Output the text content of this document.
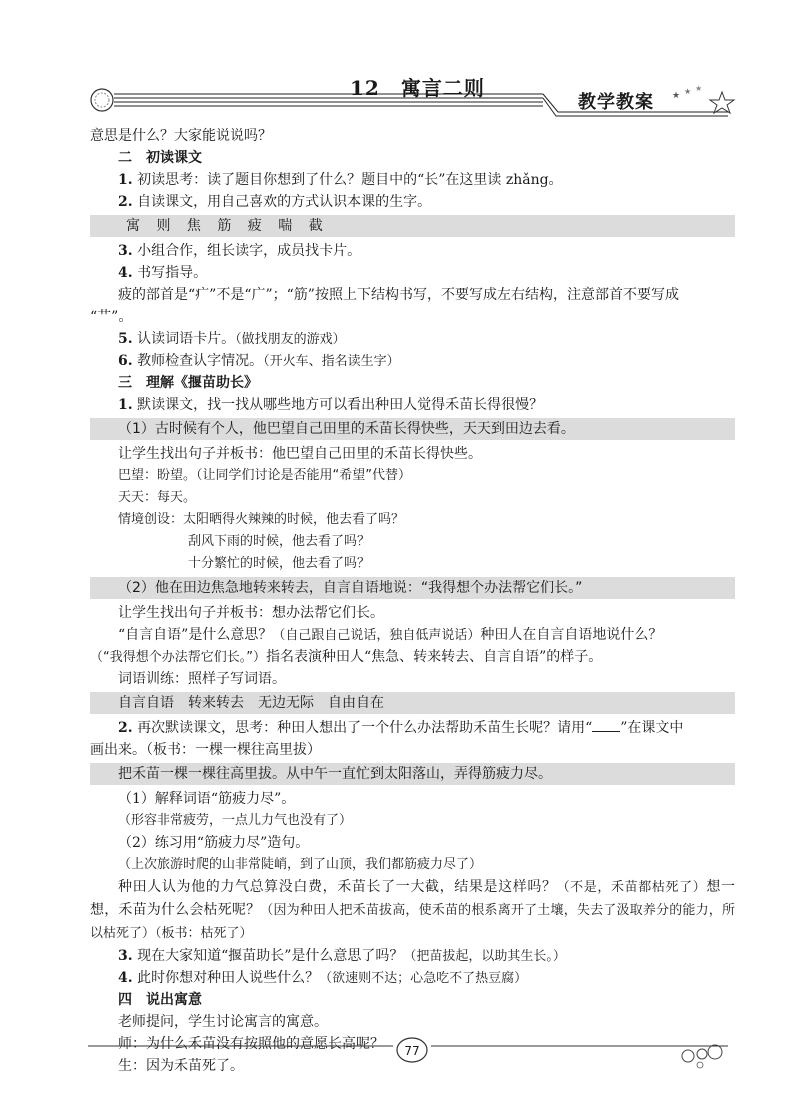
★ ★ ★
12　寓言二则
教学教案
意思是什么？大家能说说吗？
二　初读课文
1. 初读思考：读了题目你想到了什么？题目中的“长”在这里读 zhǎng。
2. 自读课文，用自己喜欢的方式认识本课的生字。
寓 则 焦 筋 疲 喘 截
3. 小组合作，组长读字，成员找卡片。
4. 书写指导。
疲的部首是“疒”不是“广”；“筋”按照上下结构书写，不要写成左右结构，注意部首不要写成
“艹”。
5. 认读词语卡片。（做找朋友的游戏）
6. 教师检查认字情况。（开火车、指名读生字）
三　理解《揠苗助长》
1. 默读课文，找一找从哪些地方可以看出种田人觉得禾苗长得很慢？
（1）古时候有个人，他巴望自己田里的禾苗长得快些，天天到田边去看。
让学生找出句子并板书：他巴望自己田里的禾苗长得快些。
巴望：盼望。（让同学们讨论是否能用“希望”代替）
天天：每天。
情境创设：太阳晒得火辣辣的时候，他去看了吗？
刮风下雨的时候，他去看了吗？
十分繁忙的时候，他去看了吗？
（2）他在田边焦急地转来转去，自言自语地说：“我得想个办法帮它们长。”
让学生找出句子并板书：想办法帮它们长。
“自言自语”是什么意思？（自己跟自己说话，独自低声说话）种田人在自言自语地说什么？
（“我得想个办法帮它们长。”）指名表演种田人“焦急、转来转去、自言自语”的样子。
词语训练：照样子写词语。
自言自语　转来转去　无边无际　自由自在
2. 再次默读课文，思考：种田人想出了一个什么办法帮助禾苗生长呢？请用“ ”在课文中
画出来。（板书：一棵一棵往高里拔）
把禾苗一棵一棵往高里拔。从中午一直忙到太阳落山，弄得筋疲力尽。
（1）解释词语“筋疲力尽”。
（形容非常疲劳，一点儿力气也没有了）
（2）练习用“筋疲力尽”造句。
（上次旅游时爬的山非常陡峭，到了山顶，我们都筋疲力尽了）
种田人认为他的力气总算没白费，禾苗长了一大截，结果是这样吗？（不是，禾苗都枯死了）想一想，禾苗为什么会枯死呢？（因为种田人把禾苗拔高，使禾苗的根系离开了土壤，失去了汲取养分的能力，所以枯死了）（板书：枯死了）
3. 现在大家知道“揠苗助长”是什么意思了吗？（把苗拔起，以助其生长。）
4. 此时你想对种田人说些什么？（欲速则不达；心急吃不了热豆腐）
四　说出寓意
老师提问，学生讨论寓言的寓意。
师：为什么禾苗没有按照他的意愿长高呢？
生：因为禾苗死了。
77
